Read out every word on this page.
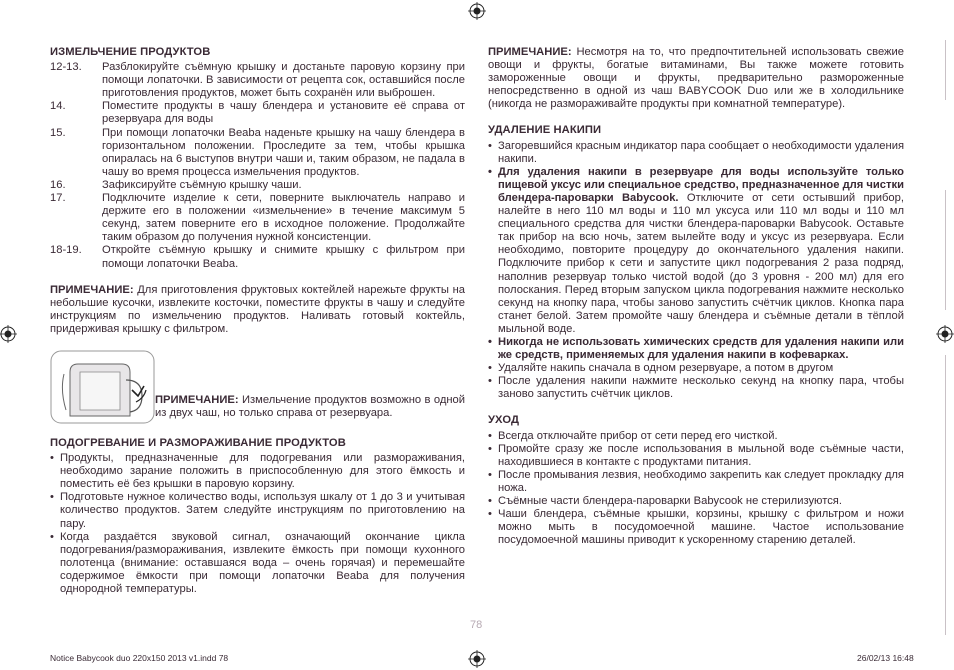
ИЗМЕЛЬЧЕНИЕ ПРОДУКТОВ
12-13.	Разблокируйте съёмную крышку и достаньте паровую корзину при помощи лопаточки. В зависимости от рецепта сок, оставшийся после приготовления продуктов, может быть сохранён или выброшен.
14.	Поместите продукты в чашу блендера и установите её справа от резервуара для воды
15.	При помощи лопаточки Beaba наденьте крышку на чашу блендера в горизонтальном положении. Проследите за тем, чтобы крышка опиралась на 6 выступов внутри чаши и, таким образом, не падала в чашу во время процесса измельчения продуктов.
16.	Зафиксируйте съёмную крышку чаши.
17.	Подключите изделие к сети, поверните выключатель направо и держите его в положении «измельчение» в течение максимум 5 секунд, затем поверните его в исходное положение. Продолжайте таким образом до получения нужной консистенции.
18-19.	Откройте съёмную крышку и снимите крышку с фильтром при помощи лопаточки Beaba.
ПРИМЕЧАНИЕ: Для приготовления фруктовых коктейлей нарежьте фрукты на небольшие кусочки, извлеките косточки, поместите фрукты в чашу и следуйте инструкциям по измельчению продуктов. Наливать готовый коктейль, придерживая крышку с фильтром.
ПРИМЕЧАНИЕ: Измельчение продуктов возможно в одной из двух чаш, но только справа от резервуара.
ПОДОГРЕВАНИЕ И РАЗМОРАЖИВАНИЕ ПРОДУКТОВ
• Продукты, предназначенные для подогревания или размораживания, необходимо зарание положить в приспособленную для этого ёмкость и поместить её без крышки в паровую корзину.
• Подготовьте нужное количество воды, используя шкалу от 1 до 3 и учитывая количество продуктов. Затем следуйте инструкциям по приготовлению на пару.
• Когда раздаётся звуковой сигнал, означающий окончание цикла подогревания/размораживания, извлеките ёмкость при помощи кухонного полотенца (внимание: оставшаяся вода – очень горячая) и перемешайте содержимое ёмкости при помощи лопаточки Beaba для получения однородной температуры.
ПРИМЕЧАНИЕ: Несмотря на то, что предпочтительней использовать свежие овощи и фрукты, богатые витаминами, Вы также можете готовить замороженные овощи и фрукты, предварительно размороженные непосредственно в одной из чаш BABYCOOK Duo или же в холодильнике (никогда не размораживайте продукты при комнатной температуре).
УДАЛЕНИЕ НАКИПИ
• Загоревшийся красным индикатор пара сообщает о необходимости удаления накипи.
• Для удаления накипи в резервуаре для воды используйте только пищевой уксус или специальное средство, предназначенное для чистки блендера-пароварки Babycook. Отключите от сети остывший прибор, налейте в него 110 мл воды и 110 мл уксуса или 110 мл воды и 110 мл специального средства для чистки блендера-пароварки Babycook. Оставьте так прибор на всю ночь, затем вылейте воду и уксус из резервуара. Если необходимо, повторите процедуру до окончательного удаления накипи. Подключите прибор к сети и запустите цикл подогревания 2 раза подряд, наполнив резервуар только чистой водой (до 3 уровня - 200 мл) для его полоскания. Перед вторым запуском цикла подогревания нажмите несколько секунд на кнопку пара, чтобы заново запустить счётчик циклов. Кнопка пара станет белой. Затем промойте чашу блендера и съёмные детали в тёплой мыльной воде.
• Никогда не использовать химических средств для удаления накипи или же средств, применяемых для удаления накипи в кофеварках.
• Удаляйте накипь сначала в одном резервуаре, а потом в другом
• После удаления накипи нажмите несколько секунд на кнопку пара, чтобы заново запустить счётчик циклов.
УХОД
• Всегда отключайте прибор от сети перед его чисткой.
• Промойте сразу же после использования в мыльной воде съёмные части, находившиеся в контакте с продуктами питания.
• После промывания лезвия, необходимо закрепить как следует прокладку для ножа.
• Съёмные части блендера-пароварки Babycook не стерилизуются.
• Чаши блендера, съёмные крышки, корзины, крышку с фильтром и ножи можно мыть в посудомоечной машине. Частое использование посудомоечной машины приводит к ускоренному старению деталей.
78
Notice Babycook duo 220x150 2013 v1.indd 78	26/02/13 16:48
